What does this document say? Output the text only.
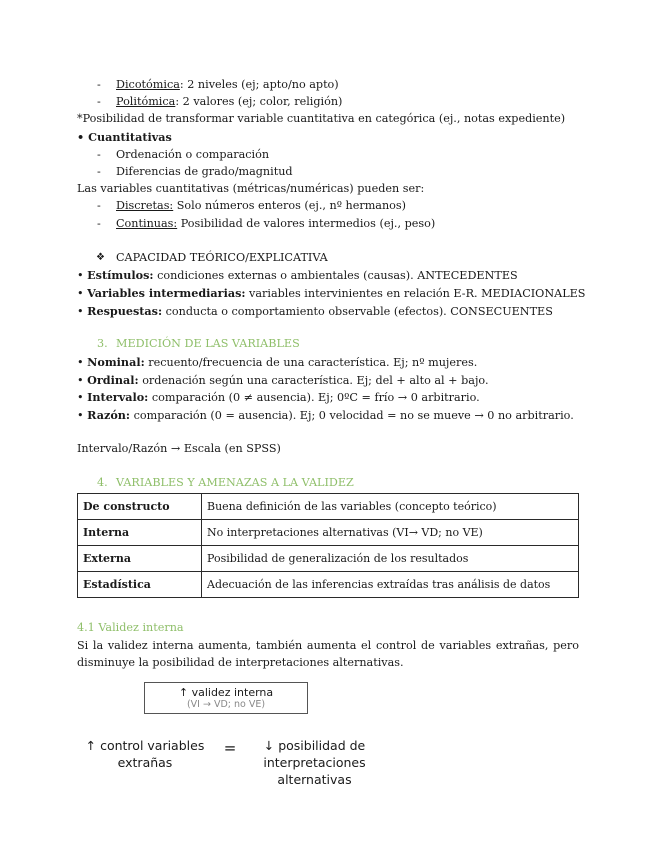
- Dicotómica: 2 niveles (ej; apto/no apto)
- Politómica: 2 valores (ej; color, religión)
*Posibilidad de transformar variable cuantitativa en categórica (ej., notas expediente)
• Cuantitativas
- Ordenación o comparación
- Diferencias de grado/magnitud
Las variables cuantitativas (métricas/numéricas) pueden ser:
- Discretas: Solo números enteros (ej., nº hermanos)
- Continuas: Posibilidad de valores intermedios (ej., peso)
❖ CAPACIDAD TEÓRICO/EXPLICATIVA
• Estímulos: condiciones externas o ambientales (causas). ANTECEDENTES
• Variables intermediarias: variables intervinientes en relación E-R. MEDIACIONALES
• Respuestas: conducta o comportamiento observable (efectos). CONSECUENTES
3. MEDICIÓN DE LAS VARIABLES
• Nominal: recuento/frecuencia de una característica. Ej; nº mujeres.
• Ordinal: ordenación según una característica. Ej; del + alto al + bajo.
• Intervalo: comparación (0 ≠ ausencia). Ej; 0ºC = frío → 0 arbitrario.
• Razón: comparación (0 = ausencia). Ej; 0 velocidad = no se mueve → 0 no arbitrario.
Intervalo/Razón → Escala (en SPSS)
4. VARIABLES Y AMENAZAS A LA VALIDEZ
De constructo	Buena definición de las variables (concepto teórico)
Interna	No interpretaciones alternativas (VI→ VD; no VE)
Externa	Posibilidad de generalización de los resultados
Estadística	Adecuación de las inferencias extraídas tras análisis de datos
4.1 Validez interna
Si la validez interna aumenta, también aumenta el control de variables extrañas, pero disminuye la posibilidad de interpretaciones alternativas.
↑ validez interna
(VI → VD; no VE)
↑ control variables
extrañas
=	↓ posibilidad de
interpretaciones
alternativas
